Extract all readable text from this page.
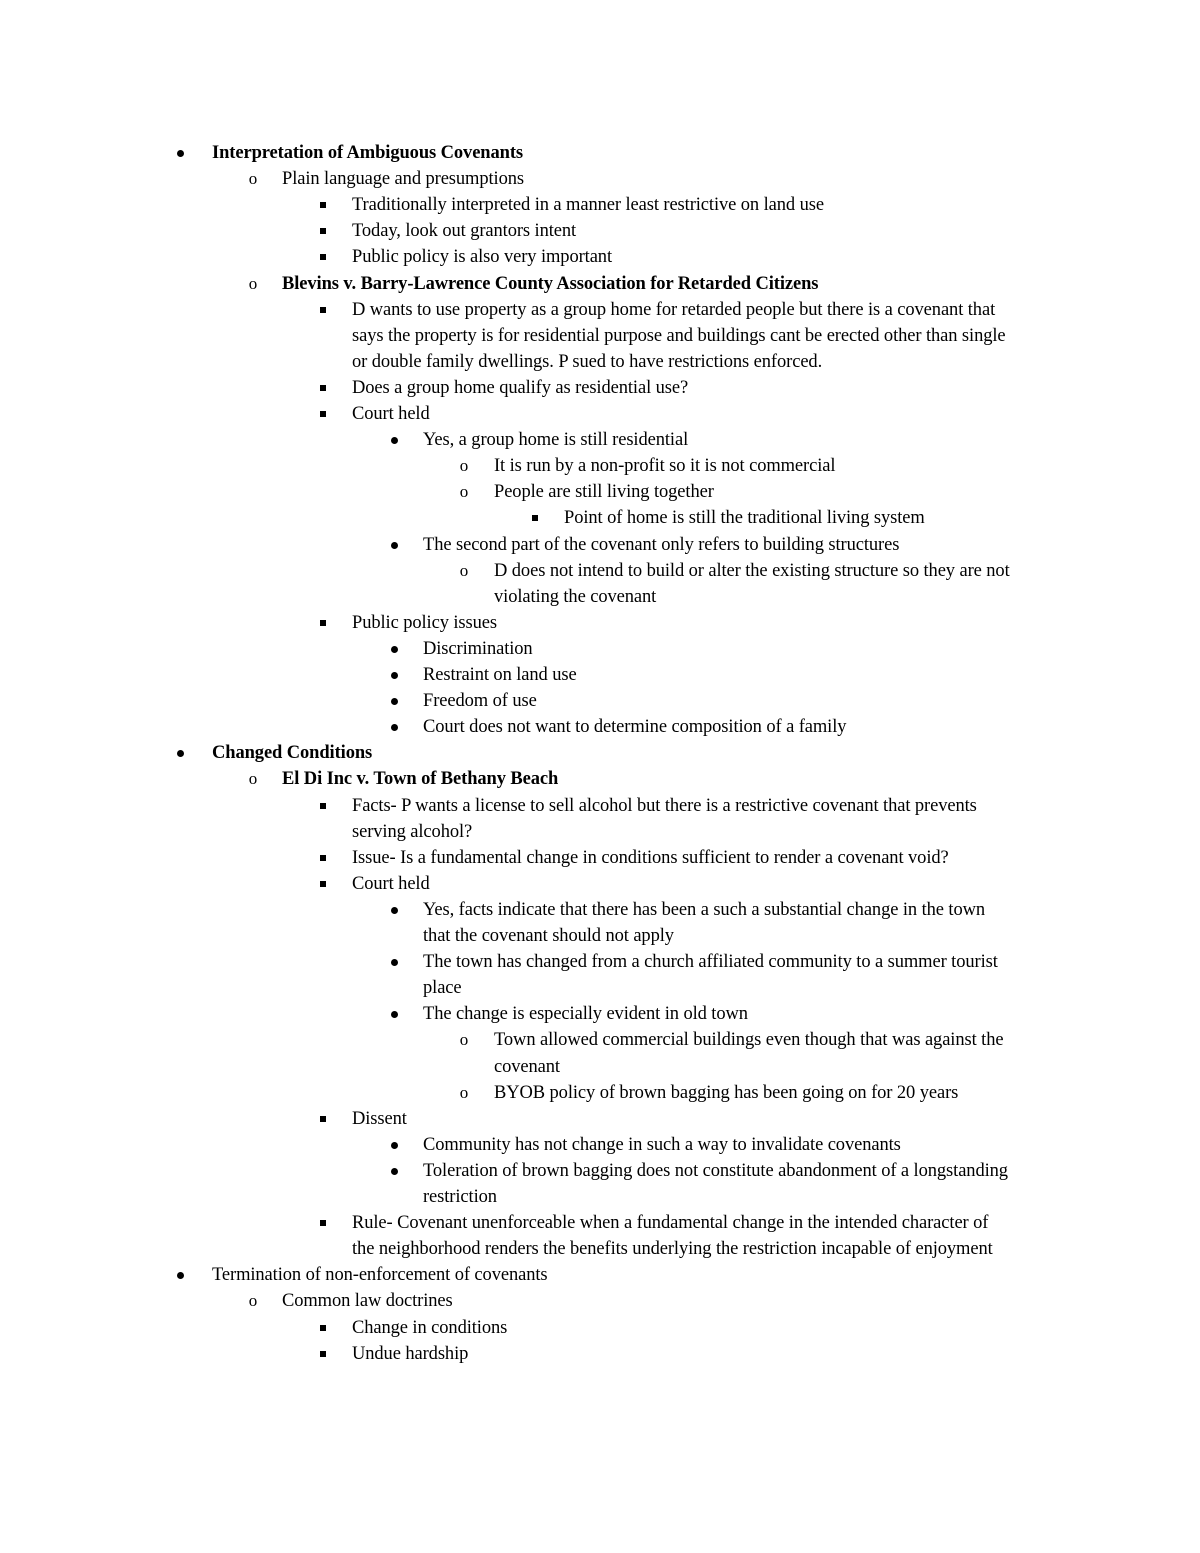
Interpretation of Ambiguous Covenants
o Plain language and presumptions
Traditionally interpreted in a manner least restrictive on land use
Today, look out grantors intent
Public policy is also very important
o Blevins v. Barry-Lawrence County Association for Retarded Citizens
D wants to use property as a group home for retarded people but there is a covenant that
says the property is for residential purpose and buildings cant be erected other than single
or double family dwellings. P sued to have restrictions enforced.
Does a group home qualify as residential use?
Court held
Yes, a group home is still residential
o It is run by a non-profit so it is not commercial
o People are still living together
Point of home is still the traditional living system
The second part of the covenant only refers to building structures
o D does not intend to build or alter the existing structure so they are not
violating the covenant
Public policy issues
Discrimination
Restraint on land use
Freedom of use
Court does not want to determine composition of a family
Changed Conditions
o El Di Inc v. Town of Bethany Beach
Facts- P wants a license to sell alcohol but there is a restrictive covenant that prevents
serving alcohol?
Issue- Is a fundamental change in conditions sufficient to render a covenant void?
Court held
Yes, facts indicate that there has been a such a substantial change in the town
that the covenant should not apply
The town has changed from a church affiliated community to a summer tourist
place
The change is especially evident in old town
o Town allowed commercial buildings even though that was against the
covenant
o BYOB policy of brown bagging has been going on for 20 years
Dissent
Community has not change in such a way to invalidate covenants
Toleration of brown bagging does not constitute abandonment of a longstanding
restriction
Rule- Covenant unenforceable when a fundamental change in the intended character of
the neighborhood renders the benefits underlying the restriction incapable of enjoyment
Termination of non-enforcement of covenants
o Common law doctrines
Change in conditions
Undue hardship
